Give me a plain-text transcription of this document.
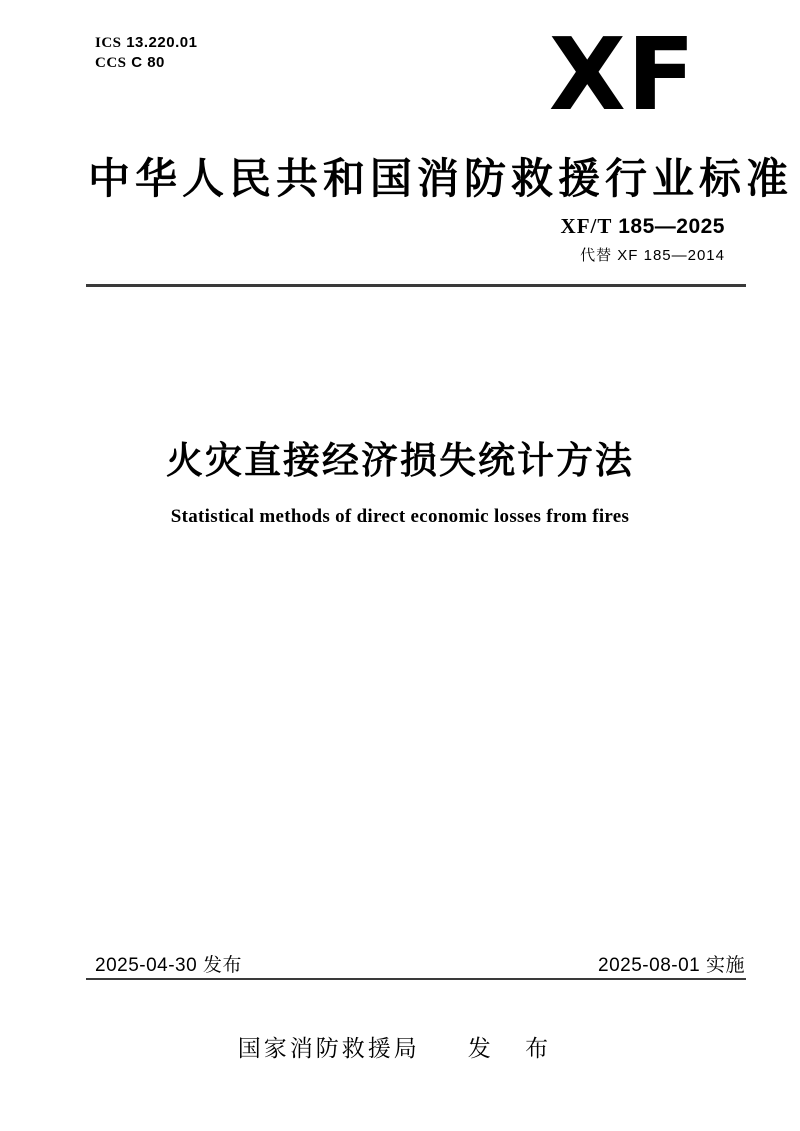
ICS 13.220.01
CCS C 80	XF
中华人民共和国消防救援行业标准
XF/T 185—2025
代替 XF 185—2014
火灾直接经济损失统计方法
Statistical methods of direct economic losses from fires
2025-04-30 发布	2025-08-01 实施
国家消防救援局 发 布
